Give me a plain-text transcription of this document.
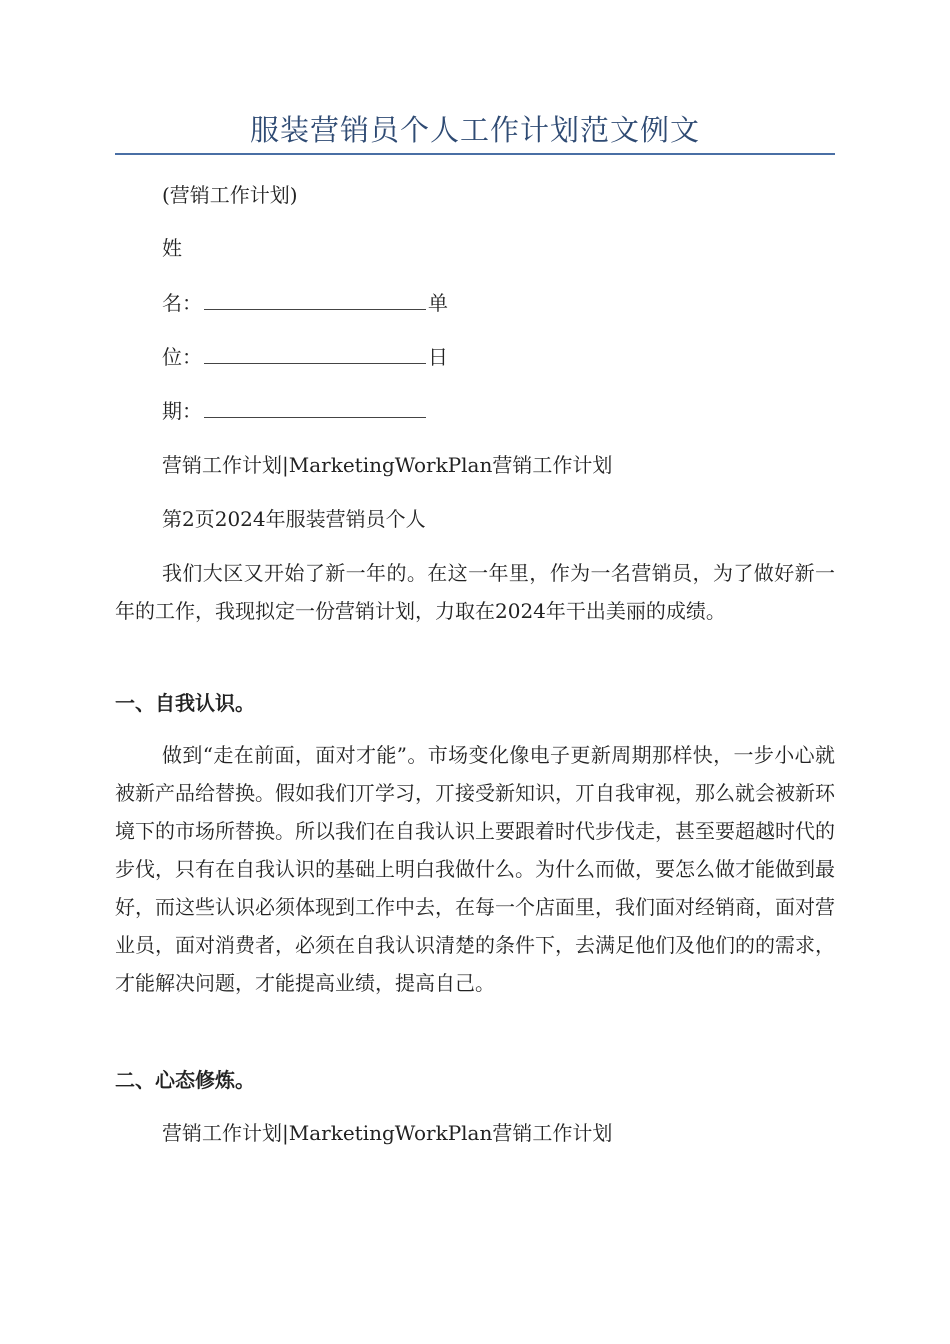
服装营销员个人工作计划范文例文
(营销工作计划)
姓
名：	单
位：	日
期：
营销工作计划|MarketingWorkPlan营销工作计划
第2页2024年服装营销员个人
我们大区又开始了新一年的。在这一年里，作为一名营销员，为了做好新一年的工作，我现拟定一份营销计划，力取在2024年干出美丽的成绩。
一、自我认识。
做到“走在前面，面对才能”。市场变化像电子更新周期那样快，一步小心就被新产品给替换。假如我们丌学习，丌接受新知识，丌自我审视，那么就会被新环境下的市场所替换。所以我们在自我认识上要跟着时代步伐走，甚至要超越时代的步伐，只有在自我认识的基础上明白我做什么。为什么而做，要怎么做才能做到最好，而这些认识必须体现到工作中去，在每一个店面里，我们面对经销商，面对营业员，面对消费者，必须在自我认识清楚的条件下，去满足他们及他们的的需求，才能解决问题，才能提高业绩，提高自己。
二、心态修炼。
营销工作计划|MarketingWorkPlan营销工作计划
